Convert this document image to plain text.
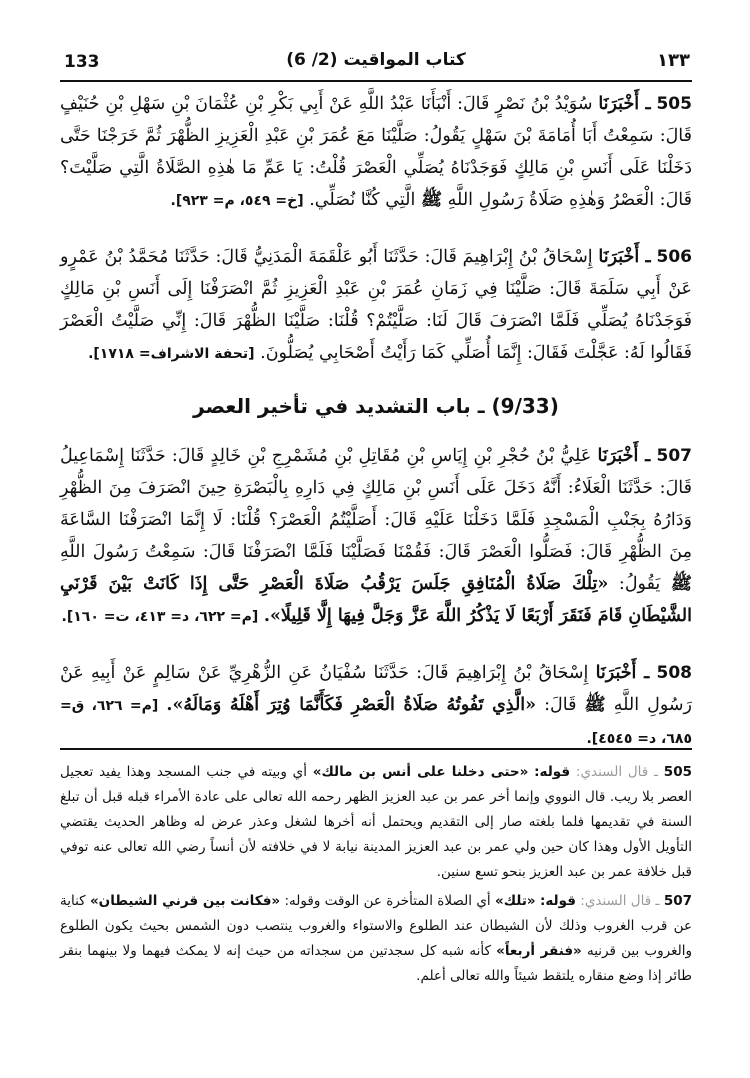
133	(6 /2) كتاب المواقيت	١٣٣

505 ـ أَخْبَرَنَا سُوَيْدُ بْنُ نَصْرٍ قَالَ: أَنْبَأَنَا عَبْدُ اللَّهِ عَنْ أَبِي بَكْرِ بْنِ عُثْمَانَ بْنِ سَهْلِ بْنِ حُنَيْفٍ قَالَ: سَمِعْتُ أَبَا أُمَامَةَ بْنَ سَهْلٍ يَقُولُ: صَلَّيْنَا مَعَ عُمَرَ بْنِ عَبْدِ الْعَزِيزِ الظُّهْرَ ثُمَّ خَرَجْنَا حَتَّى دَخَلْنَا عَلَى أَنَسِ بْنِ مَالِكٍ فَوَجَدْنَاهُ يُصَلِّي الْعَصْرَ قُلْتُ: يَا عَمِّ مَا هٰذِهِ الصَّلَاةُ الَّتِي صَلَّيْتَ؟ قَالَ: الْعَصْرُ وَهٰذِهِ صَلَاةُ رَسُولِ اللَّهِ ﷺ الَّتِي كُنَّا نُصَلِّي. [خ= ٥٤٩، م= ٩٢٣].

506 ـ أَخْبَرَنَا إِسْحَاقُ بْنُ إِبْرَاهِيمَ قَالَ: حَدَّثَنَا أَبُو عَلْقَمَةَ الْمَدَنِيُّ قَالَ: حَدَّثَنَا مُحَمَّدُ بْنُ عَمْرٍو عَنْ أَبِي سَلَمَةَ قَالَ: صَلَّيْنَا فِي زَمَانِ عُمَرَ بْنِ عَبْدِ الْعَزِيزِ ثُمَّ انْصَرَفْنَا إِلَى أَنَسِ بْنِ مَالِكٍ فَوَجَدْنَاهُ يُصَلِّي فَلَمَّا انْصَرَفَ قَالَ لَنَا: صَلَّيْتُمْ؟ قُلْنَا: صَلَّيْنَا الظُّهْرَ قَالَ: إِنِّي صَلَّيْتُ الْعَصْرَ فَقَالُوا لَهُ: عَجَّلْتَ فَقَالَ: إِنَّمَا أُصَلِّي كَمَا رَأَيْتُ أَصْحَابِي يُصَلُّونَ. [تحفة الاشراف= ١٧١٨].

(9/33) ـ باب التشديد في تأخير العصر

507 ـ أَخْبَرَنَا عَلِيُّ بْنُ حُجْرِ بْنِ إِيَاسِ بْنِ مُقَاتِلِ بْنِ مُشَمْرِجِ بْنِ خَالِدٍ قَالَ: حَدَّثَنَا إِسْمَاعِيلُ قَالَ: حَدَّثَنَا الْعَلَاءُ: أَنَّهُ دَخَلَ عَلَى أَنَسِ بْنِ مَالِكٍ فِي دَارِهِ بِالْبَصْرَةِ حِينَ انْصَرَفَ مِنَ الظُّهْرِ وَدَارُهُ بِجَنْبِ الْمَسْجِدِ فَلَمَّا دَخَلْنَا عَلَيْهِ قَالَ: أَصَلَّيْتُمُ الْعَصْرَ؟ قُلْنَا: لَا إِنَّمَا انْصَرَفْنَا السَّاعَةَ مِنَ الظُّهْرِ قَالَ: فَصَلُّوا الْعَصْرَ قَالَ: فَقُمْنَا فَصَلَّيْنَا فَلَمَّا انْصَرَفْنَا قَالَ: سَمِعْتُ رَسُولَ اللَّهِ ﷺ يَقُولُ: «تِلْكَ صَلَاةُ الْمُنَافِقِ جَلَسَ يَرْقُبُ صَلَاةَ الْعَصْرِ حَتَّى إِذَا كَانَتْ بَيْنَ قَرْنَيِ الشَّيْطَانِ قَامَ فَنَقَرَ أَرْبَعًا لَا يَذْكُرُ اللَّهَ عَزَّ وَجَلَّ فِيهَا إِلَّا قَلِيلًا». [م= ٦٢٢، د= ٤١٣، ت= ١٦٠].

508 ـ أَخْبَرَنَا إِسْحَاقُ بْنُ إِبْرَاهِيمَ قَالَ: حَدَّثَنَا سُفْيَانُ عَنِ الزُّهْرِيِّ عَنْ سَالِمٍ عَنْ أَبِيهِ عَنْ رَسُولِ اللَّهِ ﷺ قَالَ: «الَّذِي تَفُوتُهُ صَلَاةُ الْعَصْرِ فَكَأَنَّمَا وُتِرَ أَهْلَهُ وَمَالَهُ». [م= ٦٢٦، ق= ٦٨٥، د= ٤٥٤٥].

505 ـ قال السندي: قوله: «حتى دخلنا على أنس بن مالك» أي وبيته في جنب المسجد وهذا يفيد تعجيل العصر بلا ريب. قال النووي وإنما أخر عمر بن عبد العزيز الظهر رحمه الله تعالى على عادة الأمراء قبله قبل أن تبلغ السنة في تقديمها فلما بلغته صار إلى التقديم ويحتمل أنه أخرها لشغل وعذر عرض له وظاهر الحديث يقتضي التأويل الأول وهذا كان حين ولي عمر بن عبد العزيز المدينة نيابة لا في خلافته لأن أنساً رضي الله تعالى عنه توفي قبل خلافة عمر بن عبد العزيز بنحو تسع سنين.

507 ـ قال السندي: قوله: «تلك» أي الصلاة المتأخرة عن الوقت وقوله: «فكانت بين قرني الشيطان» كناية عن قرب الغروب وذلك لأن الشيطان عند الطلوع والاستواء والغروب ينتصب دون الشمس بحيث يكون الطلوع والغروب بين قرنيه «فنقر أربعاً» كأنه شبه كل سجدتين من سجداته من حيث إنه لا يمكث فيهما ولا بينهما بنقر طائر إذا وضع منقاره يلتقط شيئاً والله تعالى أعلم.
